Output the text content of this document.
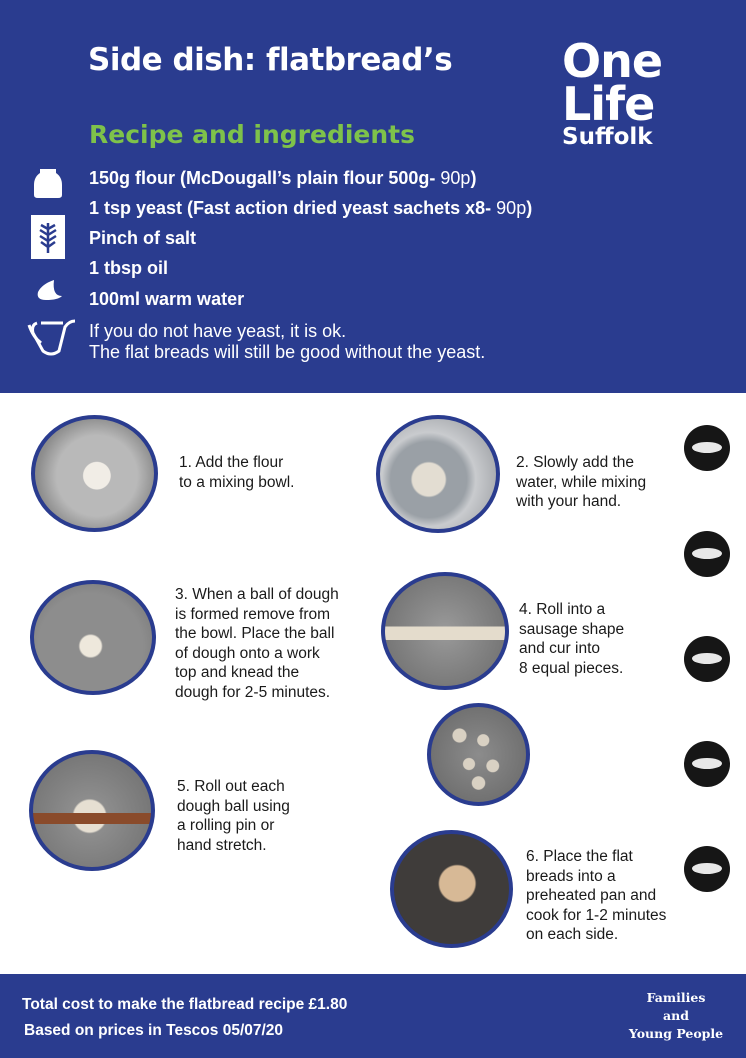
Side dish: flatbread’s One
Life
Suffolk
Recipe and ingredients
150g flour (McDougall’s plain flour 500g- 90p)
1 tsp yeast (Fast action dried yeast sachets x8- 90p)
Pinch of salt
1 tbsp oil
100ml warm water
If you do not have yeast, it is ok.
The flat breads will still be good without the yeast.
1. Add the flour
to a mixing bowl.
2. Slowly add the
water, while mixing
with your hand.
3. When a ball of dough
is formed remove from
the bowl. Place the ball
of dough onto a work
top and knead the
dough for 2-5 minutes.
4. Roll into a
sausage shape
and cur into
8 equal pieces.
5. Roll out each
dough ball using
a rolling pin or
hand stretch.
6. Place the flat
breads into a
preheated pan and
cook for 1-2 minutes
on each side.
Total cost to make the flatbread recipe £1.80
Based on prices in Tescos 05/07/20
Families
and
Young People
